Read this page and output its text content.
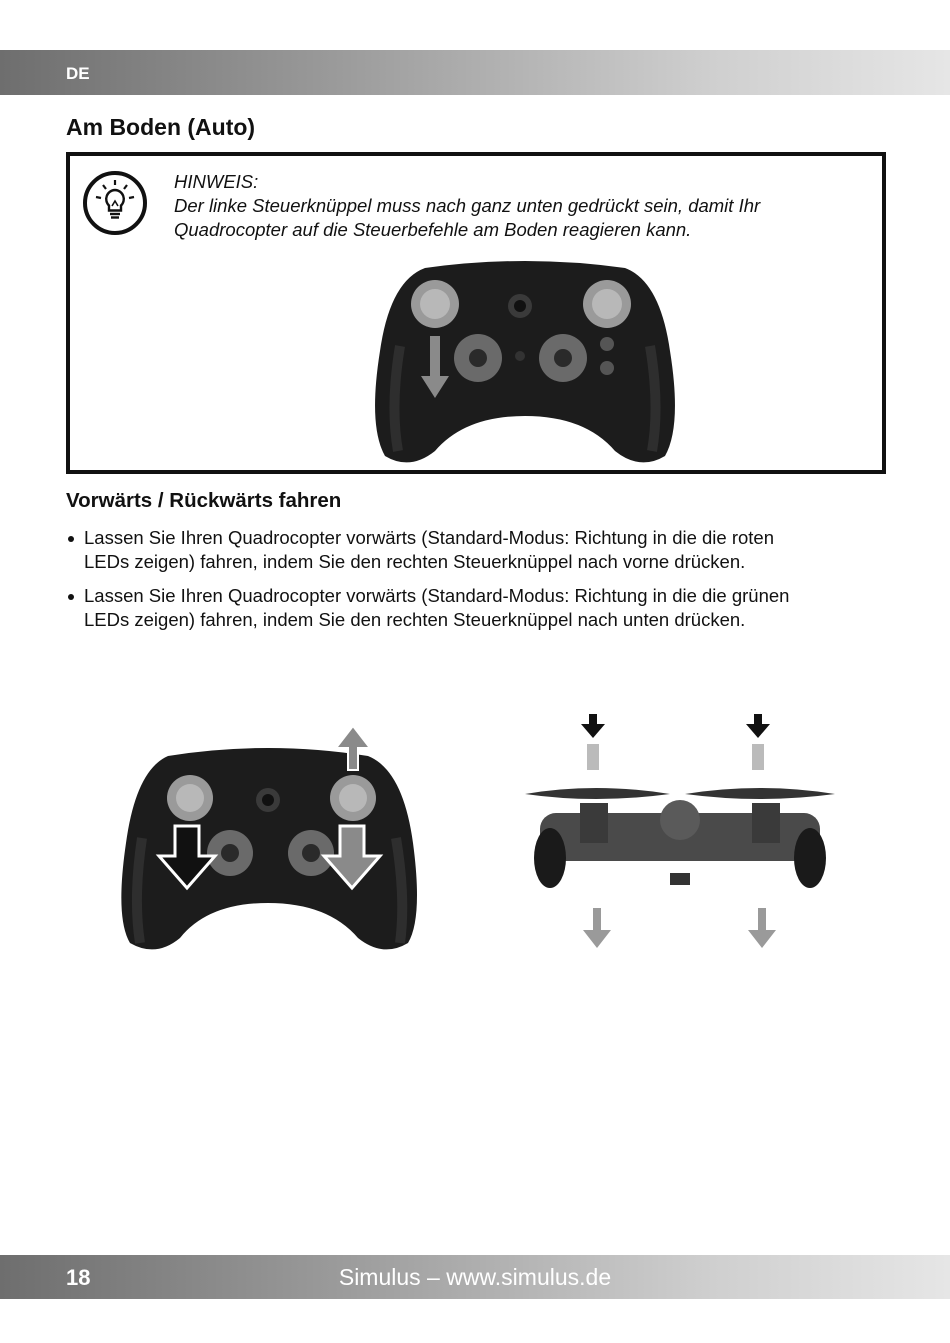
DE
Am Boden (Auto)
HINWEIS:
Der linke Steuerknüppel muss nach ganz unten gedrückt sein, damit Ihr
Quadrocopter auf die Steuerbefehle am Boden reagieren kann.
Vorwärts / Rückwärts fahren
Lassen Sie Ihren Quadrocopter vorwärts (Standard-Modus: Richtung in die die roten
LEDs zeigen) fahren, indem Sie den rechten Steuerknüppel nach vorne drücken.
Lassen Sie Ihren Quadrocopter vorwärts (Standard-Modus: Richtung in die die grünen
LEDs zeigen) fahren, indem Sie den rechten Steuerknüppel nach unten drücken.
18	Simulus – www.simulus.de
